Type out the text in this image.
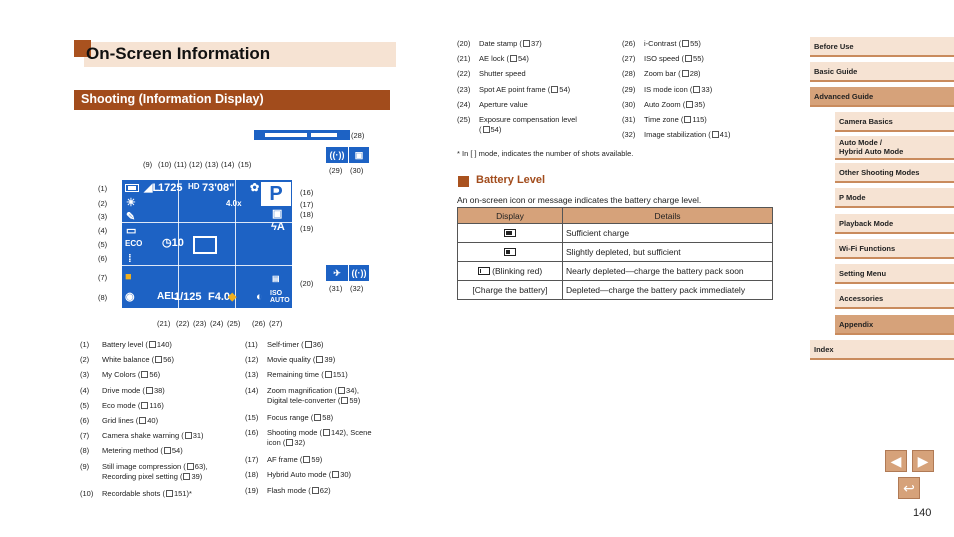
On-Screen Information
Shooting (Information Display)
(28)
((·))	▣
(29) (30)
(9) (10) (11) (12) (13) (14) (15)
(1)
(2)
(3)
(4)
(5)
(6)
(7)
(8)
(16)
(17)
(18)
(19)
(20)
(21) (22) (23) (24) (25) (26) (27)
✈	((·))
(31) (32)
☀
✎
▭
ECO
⁞
■
◉
◢L
1725 HD 73'08" ✿ P
4.0x
▣
ϟA
◷10
▤
AEL
1/125 F4.0
◆ ◐ ISO
AUTO
(1) Battery level ( 140)
(2) White balance ( 56)
(3) My Colors ( 56)
(4) Drive mode ( 38)
(5) Eco mode ( 116)
(6) Grid lines ( 40)
(7) Camera shake warning ( 31)
(8) Metering method ( 54)
(9) Still image compression ( 63),
Recording pixel setting ( 39)
(10) Recordable shots ( 151)*
(11) Self-timer ( 36)
(12) Movie quality ( 39)
(13) Remaining time ( 151)
(14) Zoom magnification ( 34),
Digital tele-converter ( 59)
(15) Focus range ( 58)
(16) Shooting mode ( 142), Scene
icon ( 32)
(17) AF frame ( 59)
(18) Hybrid Auto mode ( 30)
(19) Flash mode ( 62)
(20) Date stamp ( 37)
(21) AE lock ( 54)
(22) Shutter speed
(23) Spot AE point frame ( 54)
(24) Aperture value
(25) Exposure compensation level
( 54)
(26) i-Contrast ( 55)
(27) ISO speed ( 55)
(28) Zoom bar ( 28)
(29) IS mode icon ( 33)
(30) Auto Zoom ( 35)
(31) Time zone ( 115)
(32) Image stabilization ( 41)
* In [ ] mode, indicates the number of shots available.
Battery Level
An on-screen icon or message indicates the battery charge level.
Display	Details

	Sufficient charge

	Slightly depleted, but sufficient

(Blinking red)	Nearly depleted—charge the battery pack soon
[Charge the battery]	Depleted—charge the battery pack immediately
Before Use
Basic Guide
Advanced Guide
Camera Basics
Auto Mode /
Hybrid Auto Mode
Other Shooting Modes
P Mode
Playback Mode
Wi-Fi Functions
Setting Menu
Accessories
Appendix
Index
◀	▶
↩
140
